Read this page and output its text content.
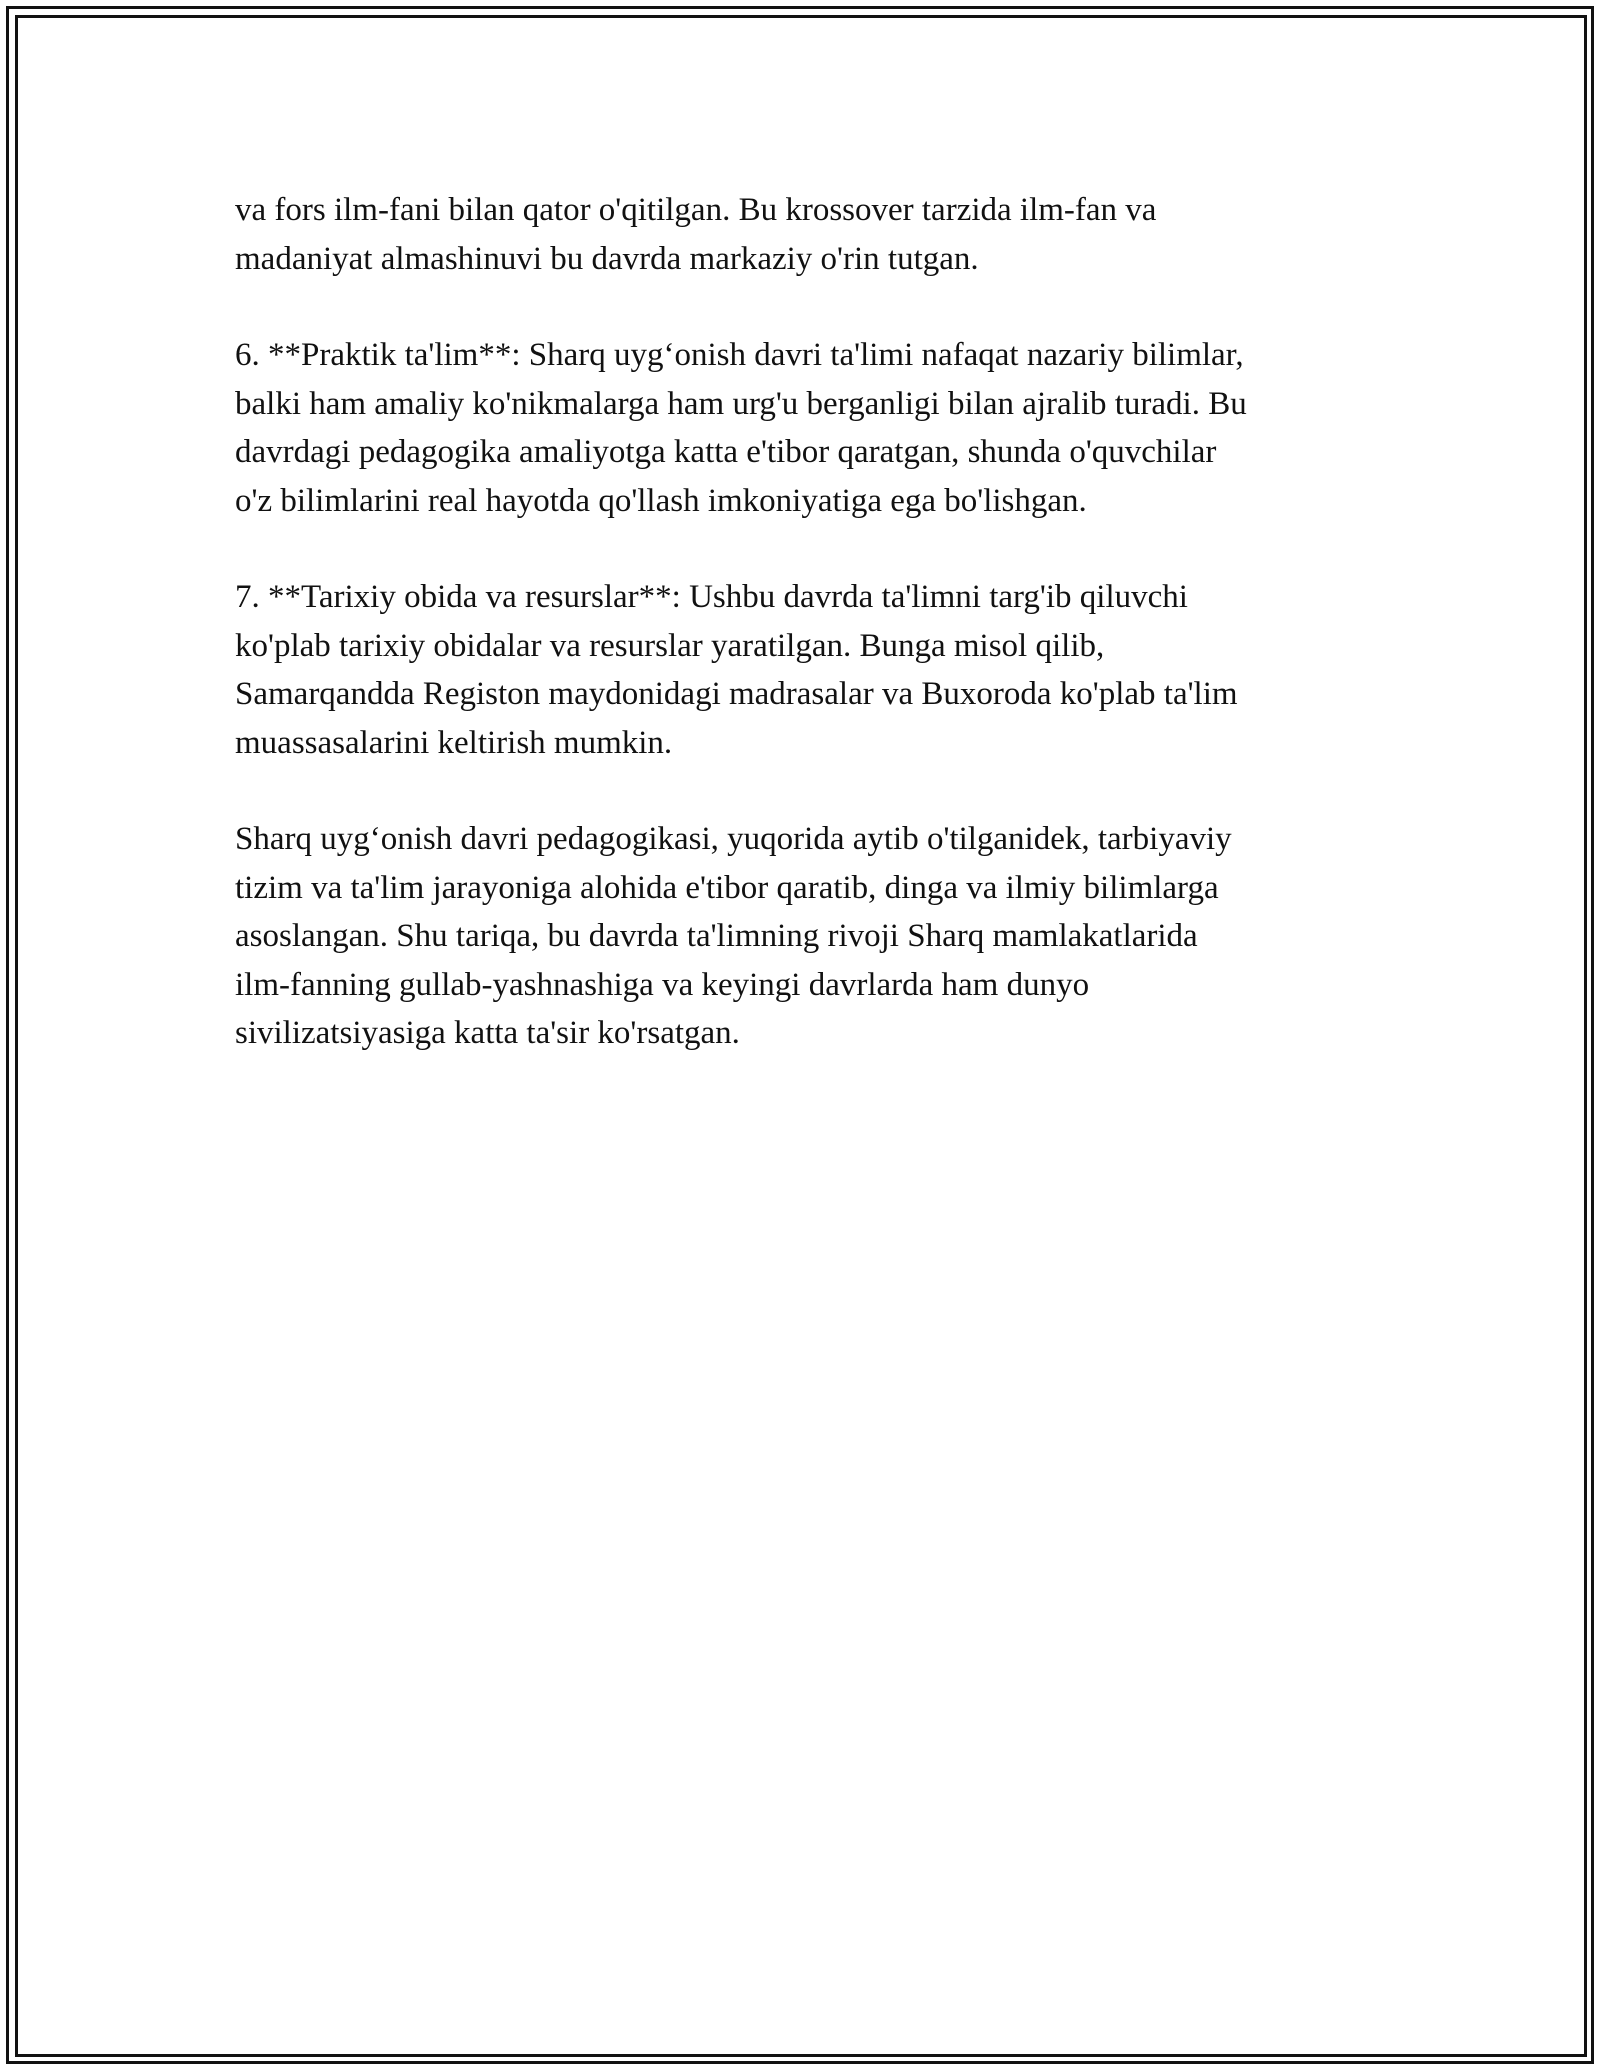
va fors ilm-fani bilan qator o'qitilgan. Bu krossover tarzida ilm-fan va
madaniyat almashinuvi bu davrda markaziy o'rin tutgan.

6. **Praktik ta'lim**: Sharq uyg‘onish davri ta'limi nafaqat nazariy bilimlar,
balki ham amaliy ko'nikmalarga ham urg'u berganligi bilan ajralib turadi. Bu
davrdagi pedagogika amaliyotga katta e'tibor qaratgan, shunda o'quvchilar
o'z bilimlarini real hayotda qo'llash imkoniyatiga ega bo'lishgan.

7. **Tarixiy obida va resurslar**: Ushbu davrda ta'limni targ'ib qiluvchi
ko'plab tarixiy obidalar va resurslar yaratilgan. Bunga misol qilib,
Samarqandda Registon maydonidagi madrasalar va Buxoroda ko'plab ta'lim
muassasalarini keltirish mumkin.

Sharq uyg‘onish davri pedagogikasi, yuqorida aytib o'tilganidek, tarbiyaviy
tizim va ta'lim jarayoniga alohida e'tibor qaratib, dinga va ilmiy bilimlarga
asoslangan. Shu tariqa, bu davrda ta'limning rivoji Sharq mamlakatlarida
ilm-fanning gullab-yashnashiga va keyingi davrlarda ham dunyo
sivilizatsiyasiga katta ta'sir ko'rsatgan.
